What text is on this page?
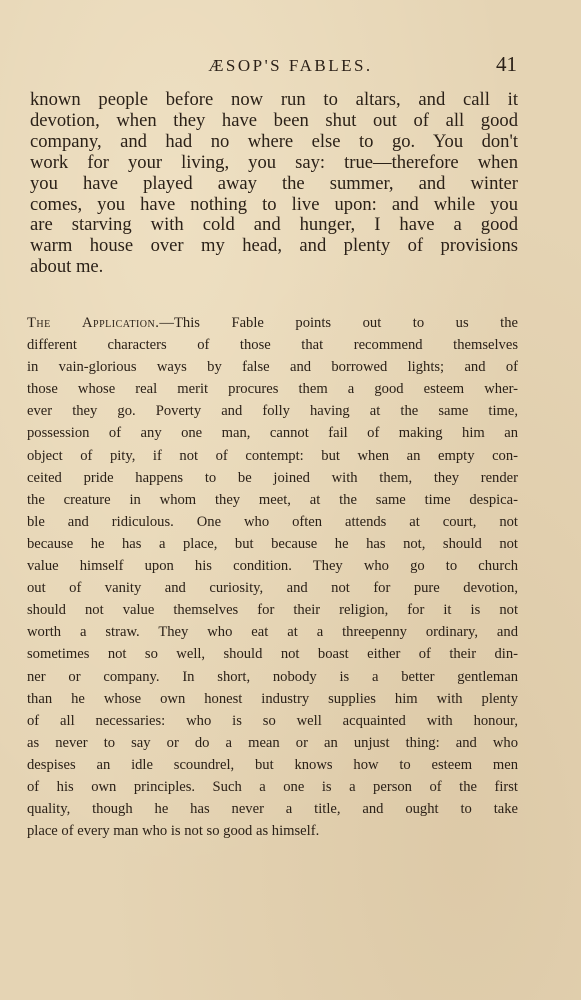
ÆSOP'S FABLES.	41
known people before now run to altars, and call it
devotion, when they have been shut out of all good
company, and had no where else to go. You don't
work for your living, you say: true—therefore when
you have played away the summer, and winter
comes, you have nothing to live upon: and while you
are starving with cold and hunger, I have a good
warm house over my head, and plenty of provisions
about me.
The Application.—This Fable points out to us the
different characters of those that recommend themselves
in vain-glorious ways by false and borrowed lights; and of
those whose real merit procures them a good esteem wher-
ever they go. Poverty and folly having at the same time,
possession of any one man, cannot fail of making him an
object of pity, if not of contempt: but when an empty con-
ceited pride happens to be joined with them, they render
the creature in whom they meet, at the same time despica-
ble and ridiculous. One who often attends at court, not
because he has a place, but because he has not, should not
value himself upon his condition. They who go to church
out of vanity and curiosity, and not for pure devotion,
should not value themselves for their religion, for it is not
worth a straw. They who eat at a threepenny ordinary, and
sometimes not so well, should not boast either of their din-
ner or company. In short, nobody is a better gentleman
than he whose own honest industry supplies him with plenty
of all necessaries: who is so well acquainted with honour,
as never to say or do a mean or an unjust thing: and who
despises an idle scoundrel, but knows how to esteem men
of his own principles. Such a one is a person of the first
quality, though he has never a title, and ought to take
place of every man who is not so good as himself.
